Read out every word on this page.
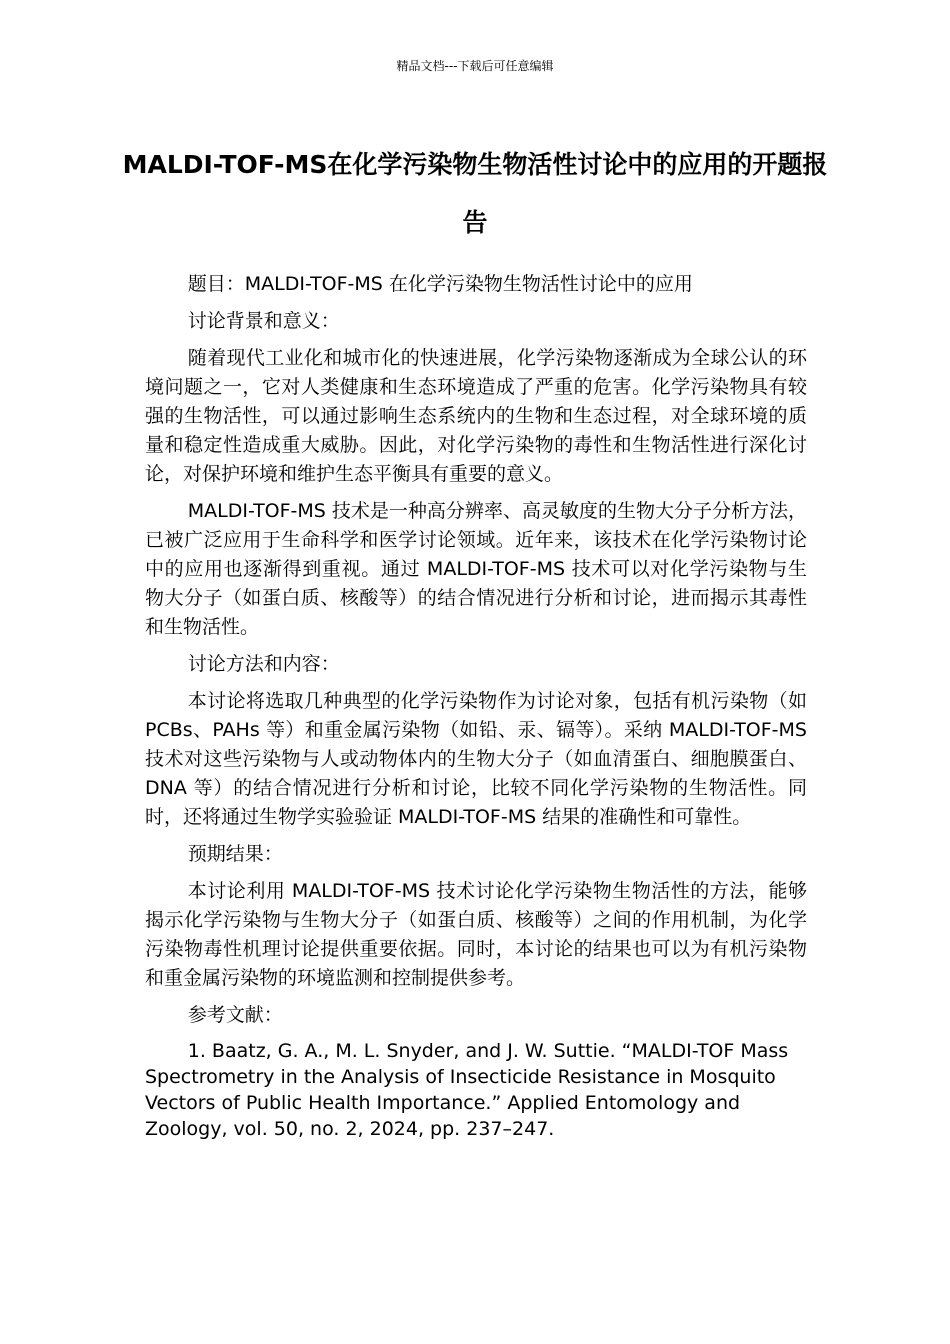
精品文档---下载后可任意编辑
MALDI-TOF-MS在化学污染物生物活性讨论中的应用的开题报告

题目：MALDI-TOF-MS 在化学污染物生物活性讨论中的应用

讨论背景和意义：

随着现代工业化和城市化的快速进展，化学污染物逐渐成为全球公认的环境问题之一，它对人类健康和生态环境造成了严重的危害。化学污染物具有较强的生物活性，可以通过影响生态系统内的生物和生态过程，对全球环境的质量和稳定性造成重大威胁。因此，对化学污染物的毒性和生物活性进行深化讨论，对保护环境和维护生态平衡具有重要的意义。

MALDI-TOF-MS 技术是一种高分辨率、高灵敏度的生物大分子分析方法，已被广泛应用于生命科学和医学讨论领域。近年来，该技术在化学污染物讨论中的应用也逐渐得到重视。通过 MALDI-TOF-MS 技术可以对化学污染物与生物大分子（如蛋白质、核酸等）的结合情况进行分析和讨论，进而揭示其毒性和生物活性。

讨论方法和内容：

本讨论将选取几种典型的化学污染物作为讨论对象，包括有机污染物（如 PCBs、PAHs 等）和重金属污染物（如铅、汞、镉等）。采纳 MALDI-TOF-MS 技术对这些污染物与人或动物体内的生物大分子（如血清蛋白、细胞膜蛋白、DNA 等）的结合情况进行分析和讨论，比较不同化学污染物的生物活性。同时，还将通过生物学实验验证 MALDI-TOF-MS 结果的准确性和可靠性。

预期结果：

本讨论利用 MALDI-TOF-MS 技术讨论化学污染物生物活性的方法，能够揭示化学污染物与生物大分子（如蛋白质、核酸等）之间的作用机制，为化学污染物毒性机理讨论提供重要依据。同时，本讨论的结果也可以为有机污染物和重金属污染物的环境监测和控制提供参考。

参考文献：

1. Baatz, G. A., M. L. Snyder, and J. W. Suttie. “MALDI-TOF Mass Spectrometry in the Analysis of Insecticide Resistance in Mosquito Vectors of Public Health Importance.” Applied Entomology and Zoology, vol. 50, no. 2, 2024, pp. 237–247.
